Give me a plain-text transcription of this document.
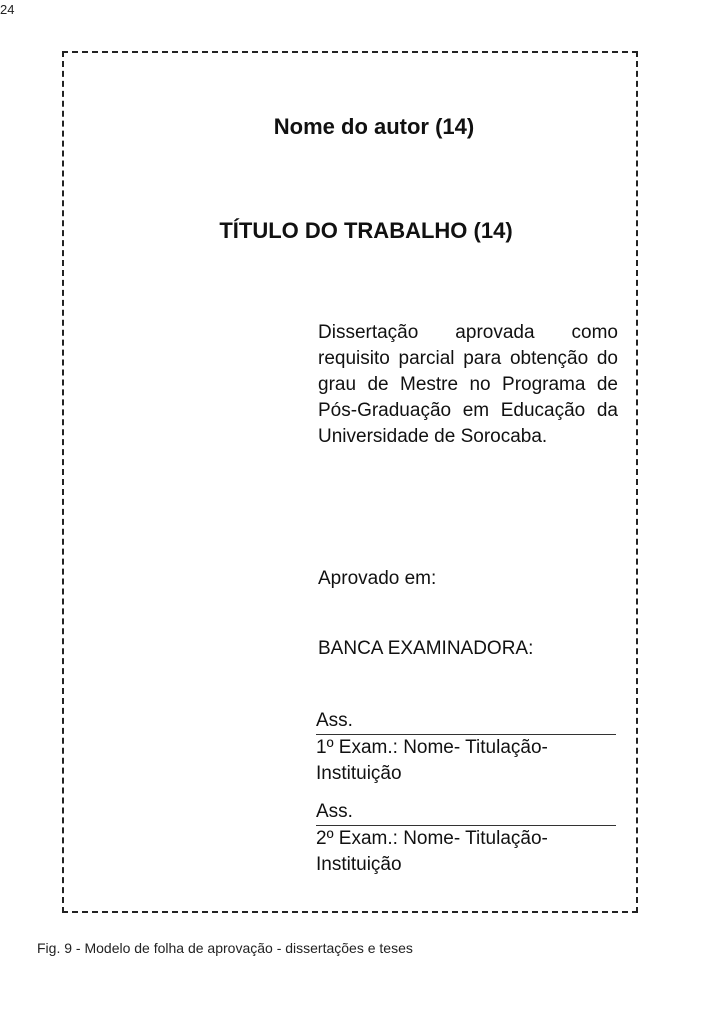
24
Nome do autor (14)
TÍTULO DO TRABALHO (14)
Dissertação aprovada como requisito parcial para obtenção do grau de Mestre no Programa de Pós-Graduação em Educação da Universidade de Sorocaba.
Aprovado em:
BANCA EXAMINADORA:
Ass.
1º Exam.: Nome- Titulação-
Instituição
Ass.
2º Exam.: Nome- Titulação-
Instituição
Fig. 9 - Modelo de folha de aprovação - dissertações e teses
